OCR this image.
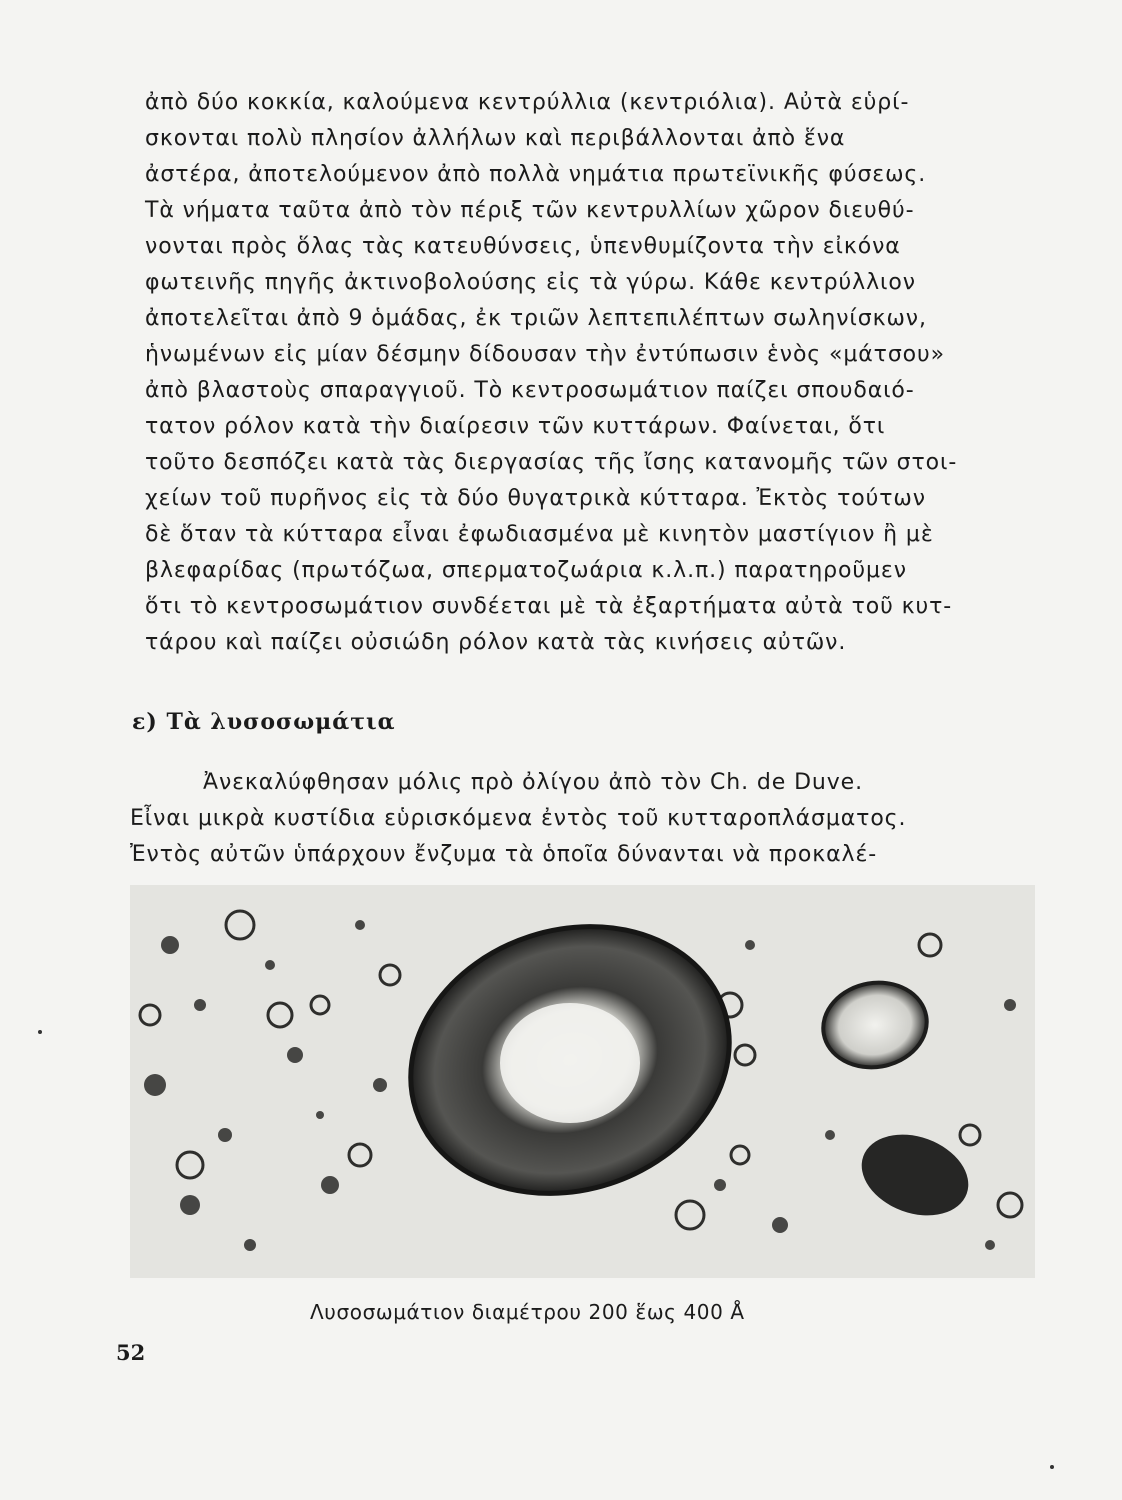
ἀπὸ δύο κοκκία, καλούμενα κεντρύλλια (κεντριόλια). Αὐτὰ εὑρί-
σκονται πολὺ πλησίον ἀλλήλων καὶ περιβάλλονται ἀπὸ ἕνα
ἀστέρα, ἀποτελούμενον ἀπὸ πολλὰ νημάτια πρωτεϊνικῆς φύσεως.
Τὰ νήματα ταῦτα ἀπὸ τὸν πέριξ τῶν κεντρυλλίων χῶρον διευθύ-
νονται πρὸς ὅλας τὰς κατευθύνσεις, ὑπενθυμίζοντα τὴν εἰκόνα
φωτεινῆς πηγῆς ἀκτινοβολούσης εἰς τὰ γύρω. Κάθε κεντρύλλιον
ἀποτελεῖται ἀπὸ 9 ὁμάδας, ἐκ τριῶν λεπτεπιλέπτων σωληνίσκων,
ἡνωμένων εἰς μίαν δέσμην δίδουσαν τὴν ἐντύπωσιν ἑνὸς «μάτσου»
ἀπὸ βλαστοὺς σπαραγγιοῦ. Τὸ κεντροσωμάτιον παίζει σπουδαιό-
τατον ρόλον κατὰ τὴν διαίρεσιν τῶν κυττάρων. Φαίνεται, ὅτι
τοῦτο δεσπόζει κατὰ τὰς διεργασίας τῆς ἴσης κατανομῆς τῶν στοι-
χείων τοῦ πυρῆνος εἰς τὰ δύο θυγατρικὰ κύτταρα. Ἐκτὸς τούτων
δὲ ὅταν τὰ κύτταρα εἶναι ἐφωδιασμένα μὲ κινητὸν μαστίγιον ἢ μὲ
βλεφαρίδας (πρωτόζωα, σπερματοζωάρια κ.λ.π.) παρατηροῦμεν
ὅτι τὸ κεντροσωμάτιον συνδέεται μὲ τὰ ἐξαρτήματα αὐτὰ τοῦ κυτ-
τάρου καὶ παίζει οὐσιώδη ρόλον κατὰ τὰς κινήσεις αὐτῶν.
ε) Τὰ λυσοσωμάτια
Ἀνεκαλύφθησαν μόλις πρὸ ὀλίγου ἀπὸ τὸν Ch. de Duve.
Εἶναι μικρὰ κυστίδια εὑρισκόμενα ἐντὸς τοῦ κυτταροπλάσματος.
Ἐντὸς αὐτῶν ὑπάρχουν ἔνζυμα τὰ ὁποῖα δύνανται νὰ προκαλέ-
Λυσοσωμάτιον διαμέτρου 200 ἕως 400 Å
52
